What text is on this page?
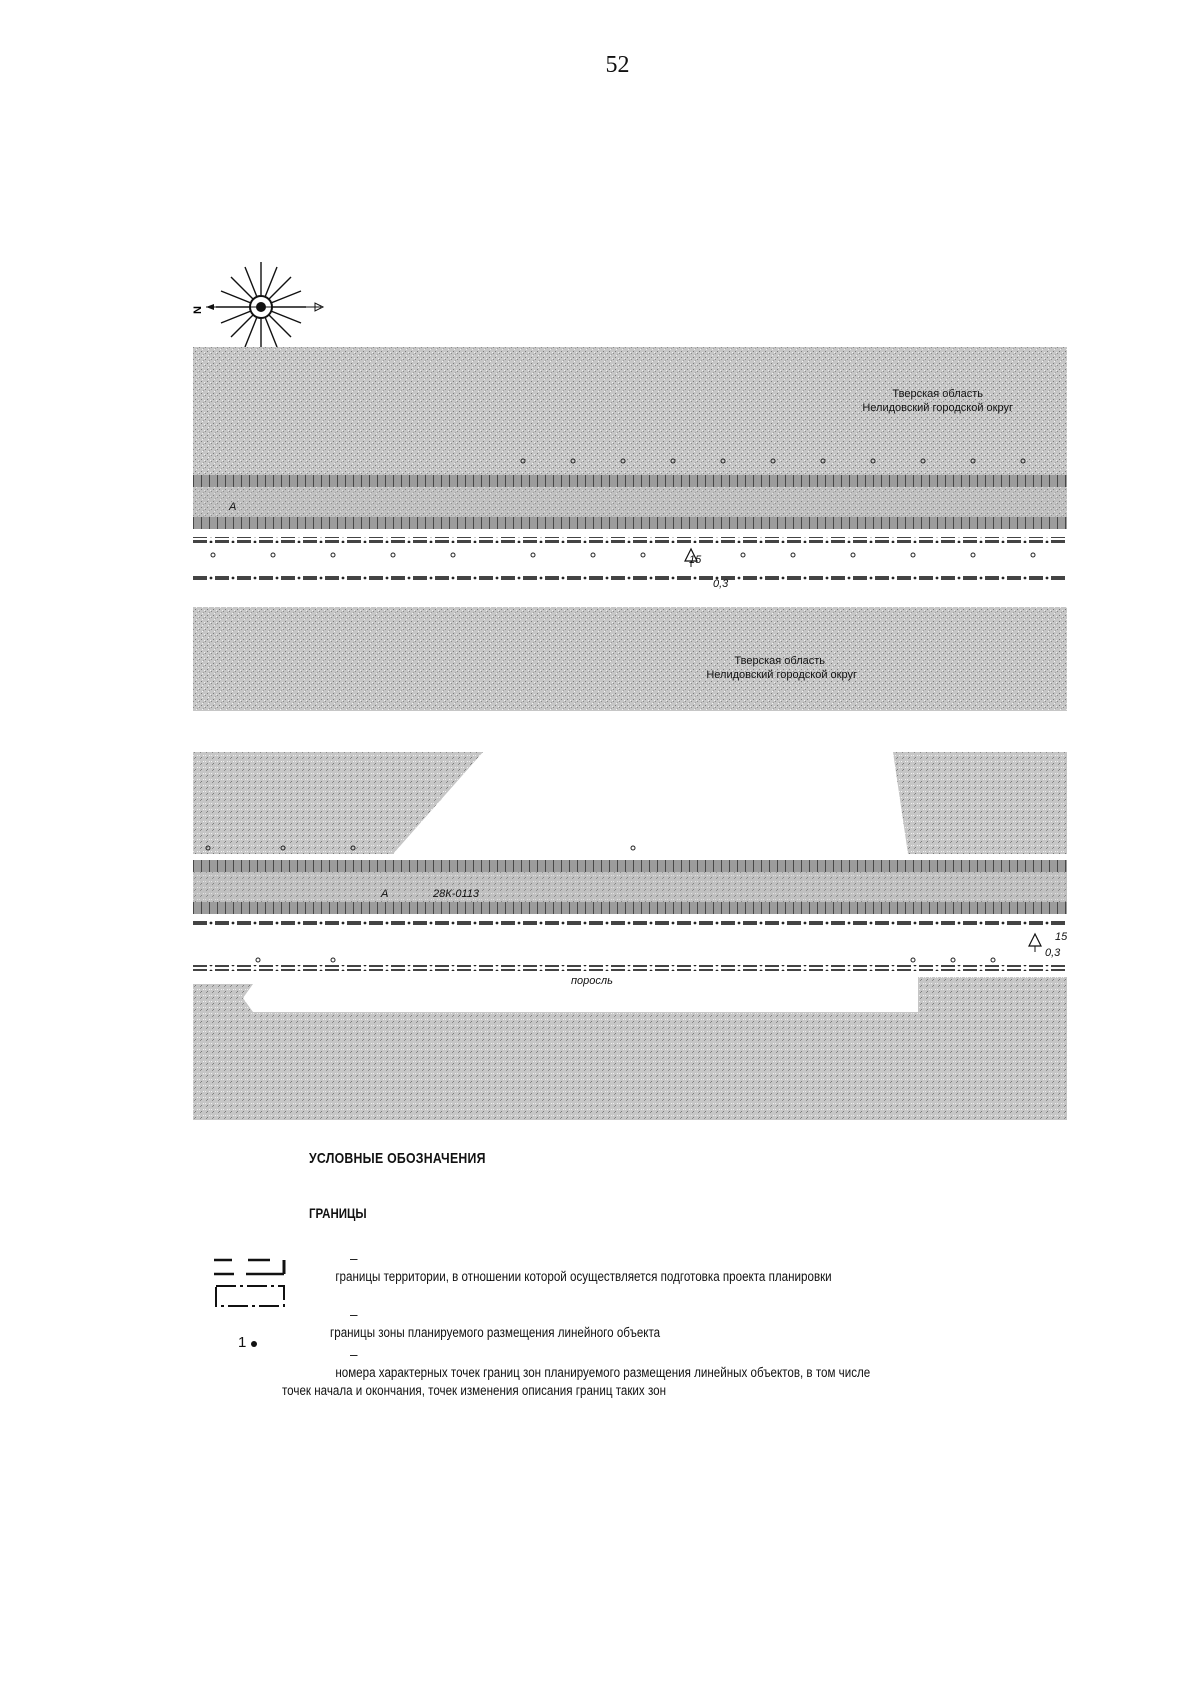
52
N
Тверская область
Нелидовский городской округ
Тверская область
Нелидовский городской округ
A
15
0,3
A	28К-0113
15
0,3
поросль
УСЛОВНЫЕ ОБОЗНАЧЕНИЯ
ГРАНИЦЫ
1
– границы территории, в отношении которой осуществляется подготовка проекта планировки
– границы зоны планируемого размещения линейного объекта
– номера характерных точек границ зон планируемого размещения линейных объектов, в том числе точек начала и окончания, точек изменения описания границ таких зон
